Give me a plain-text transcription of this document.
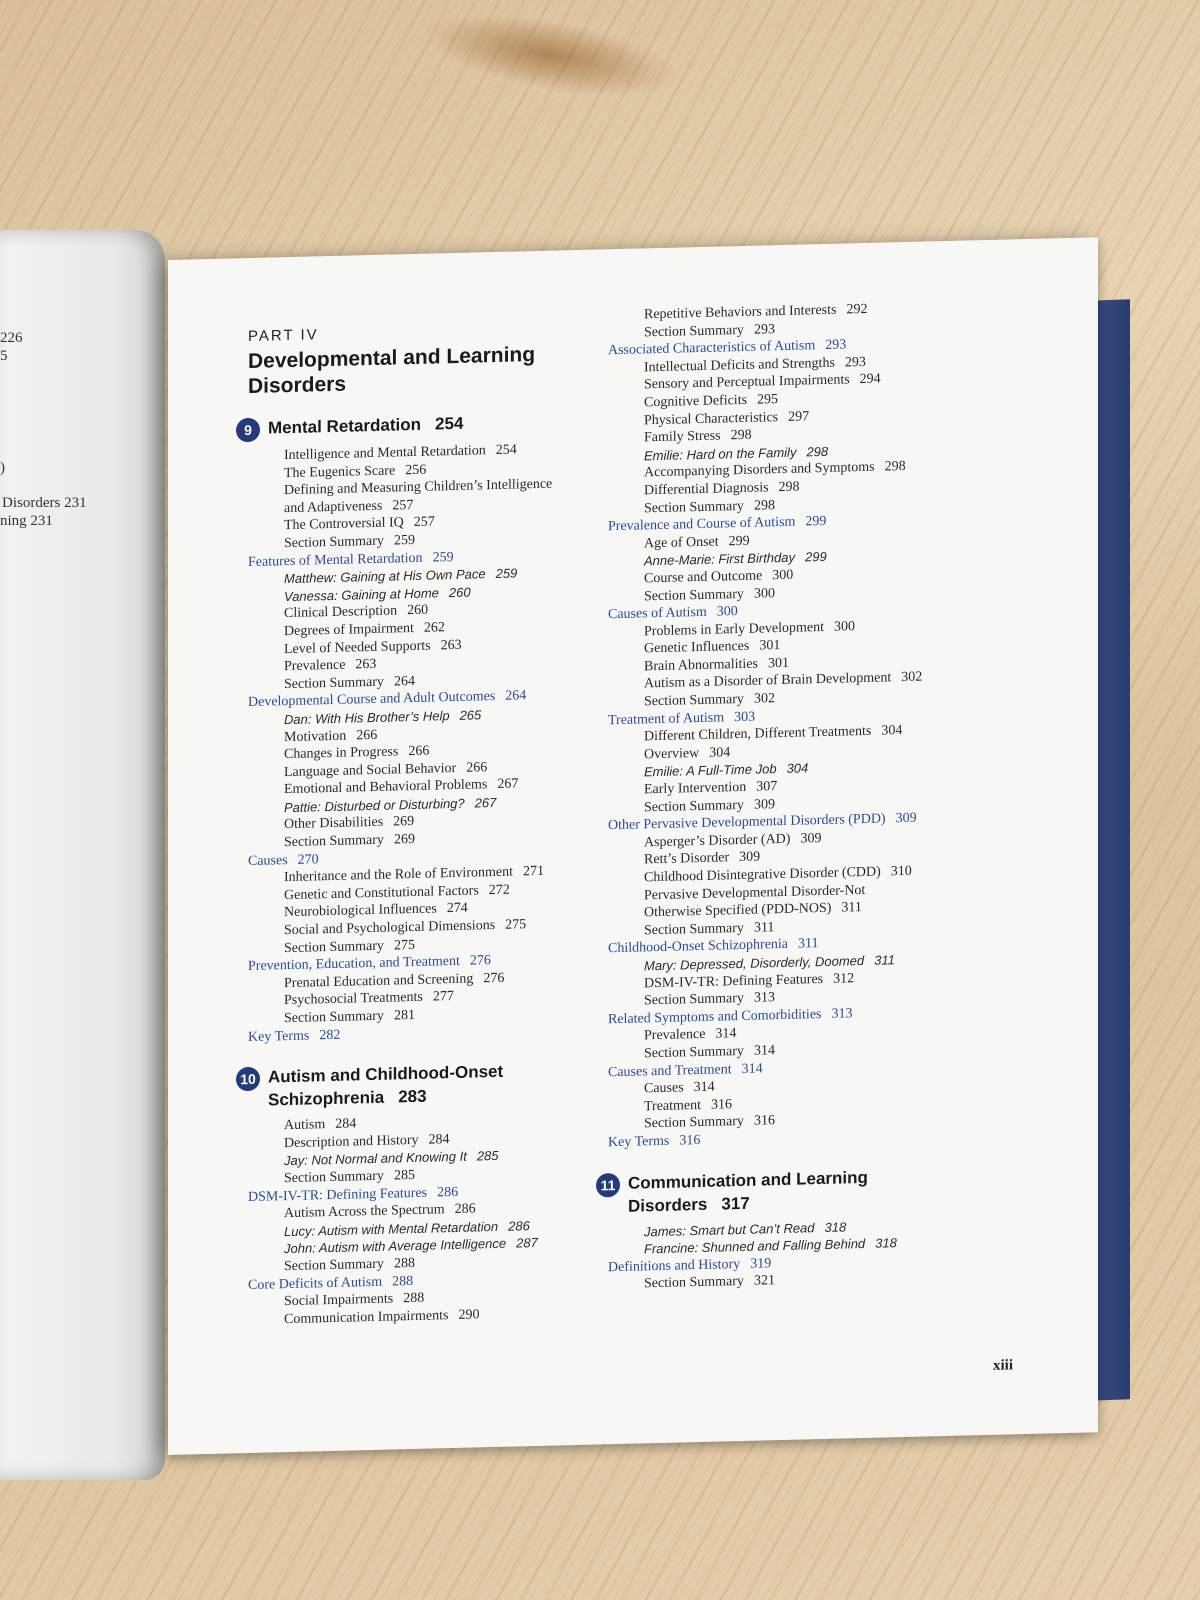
226
5
)
Disorders 231
ning 231
PART IV
Developmental and Learning
Disorders
9 Mental Retardation 254
Intelligence and Mental Retardation 254
The Eugenics Scare 256
Defining and Measuring Children’s Intelligence
and Adaptiveness 257
The Controversial IQ 257
Section Summary 259
Features of Mental Retardation 259
Matthew: Gaining at His Own Pace 259
Vanessa: Gaining at Home 260
Clinical Description 260
Degrees of Impairment 262
Level of Needed Supports 263
Prevalence 263
Section Summary 264
Developmental Course and Adult Outcomes 264
Dan: With His Brother’s Help 265
Motivation 266
Changes in Progress 266
Language and Social Behavior 266
Emotional and Behavioral Problems 267
Pattie: Disturbed or Disturbing? 267
Other Disabilities 269
Section Summary 269
Causes 270
Inheritance and the Role of Environment 271
Genetic and Constitutional Factors 272
Neurobiological Influences 274
Social and Psychological Dimensions 275
Section Summary 275
Prevention, Education, and Treatment 276
Prenatal Education and Screening 276
Psychosocial Treatments 277
Section Summary 281
Key Terms 282
10 Autism and Childhood-Onset
Schizophrenia 283
Autism 284
Description and History 284
Jay: Not Normal and Knowing It 285
Section Summary 285
DSM-IV-TR: Defining Features 286
Autism Across the Spectrum 286
Lucy: Autism with Mental Retardation 286
John: Autism with Average Intelligence 287
Section Summary 288
Core Deficits of Autism 288
Social Impairments 288
Communication Impairments 290
Repetitive Behaviors and Interests 292
Section Summary 293
Associated Characteristics of Autism 293
Intellectual Deficits and Strengths 293
Sensory and Perceptual Impairments 294
Cognitive Deficits 295
Physical Characteristics 297
Family Stress 298
Emilie: Hard on the Family 298
Accompanying Disorders and Symptoms 298
Differential Diagnosis 298
Section Summary 298
Prevalence and Course of Autism 299
Age of Onset 299
Anne-Marie: First Birthday 299
Course and Outcome 300
Section Summary 300
Causes of Autism 300
Problems in Early Development 300
Genetic Influences 301
Brain Abnormalities 301
Autism as a Disorder of Brain Development 302
Section Summary 302
Treatment of Autism 303
Different Children, Different Treatments 304
Overview 304
Emilie: A Full-Time Job 304
Early Intervention 307
Section Summary 309
Other Pervasive Developmental Disorders (PDD) 309
Asperger’s Disorder (AD) 309
Rett’s Disorder 309
Childhood Disintegrative Disorder (CDD) 310
Pervasive Developmental Disorder-Not
Otherwise Specified (PDD-NOS) 311
Section Summary 311
Childhood-Onset Schizophrenia 311
Mary: Depressed, Disorderly, Doomed 311
DSM-IV-TR: Defining Features 312
Section Summary 313
Related Symptoms and Comorbidities 313
Prevalence 314
Section Summary 314
Causes and Treatment 314
Causes 314
Treatment 316
Section Summary 316
Key Terms 316
11 Communication and Learning
Disorders 317
James: Smart but Can’t Read 318
Francine: Shunned and Falling Behind 318
Definitions and History 319
Section Summary 321
xiii
